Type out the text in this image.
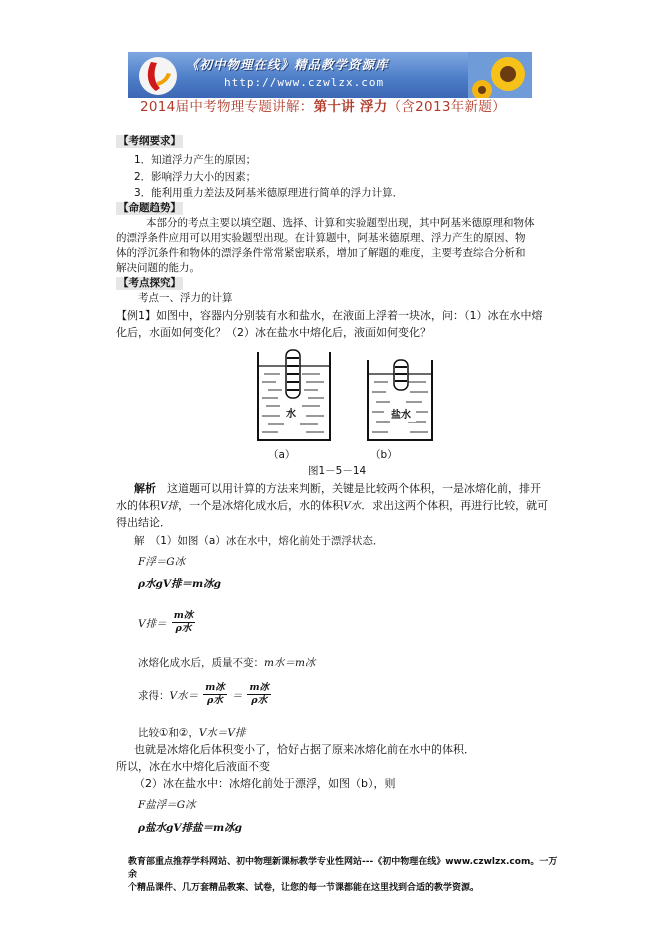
《初中物理在线》精品教学资源库
http://www.czwlzx.com
2014届中考物理专题讲解：第十讲 浮力（含2013年新题）
【考纲要求】
1．知道浮力产生的原因；
2．影响浮力大小的因素；
3．能利用重力差法及阿基米德原理进行简单的浮力计算．
【命题趋势】
本部分的考点主要以填空题、选择、计算和实验题型出现，其中阿基米德原理和物体
的漂浮条件应用可以用实验题型出现。在计算题中，阿基米德原理、浮力产生的原因、物
体的浮沉条件和物体的漂浮条件常常紧密联系，增加了解题的难度，主要考查综合分析和
解决问题的能力。
【考点探究】
考点一、浮力的计算
【例1】如图中，容器内分别装有水和盐水，在液面上浮着一块冰，问：（1）冰在水中熔
化后，水面如何变化？（2）冰在盐水中熔化后，液面如何变化？
水	盐水
（a）	（b）
图1－5－14
解析　 这道题可以用计算的方法来判断，关键是比较两个体积，一是冰熔化前，排开
水的体积V排，一个是冰熔化成水后，水的体积V水．求出这两个体积，再进行比较，就可
得出结论．
解　（1）如图（a）冰在水中，熔化前处于漂浮状态．
F浮＝G冰
ρ水gV排＝m冰g
V排＝ $\frac{\text{m冰}}{\text{ρ水}}$
冰熔化成水后，质量不变：m水＝m冰
求得：V水＝ $\frac{\text{m冰}}{\text{ρ水}} = \frac{\text{m冰}}{\text{ρ水}}$
比较①和②，V水＝V排
也就是冰熔化后体积变小了，恰好占据了原来冰熔化前在水中的体积．
所以，冰在水中熔化后液面不变
（2）冰在盐水中：冰熔化前处于漂浮，如图（b），则
F盐浮＝G冰
ρ盐水gV排盐＝m冰g
教育部重点推荐学科网站、初中物理新课标教学专业性网站---《初中物理在线》www.czwlzx.com。一万余
个精品课件、几万套精品教案、试卷，让您的每一节课都能在这里找到合适的教学资源。
